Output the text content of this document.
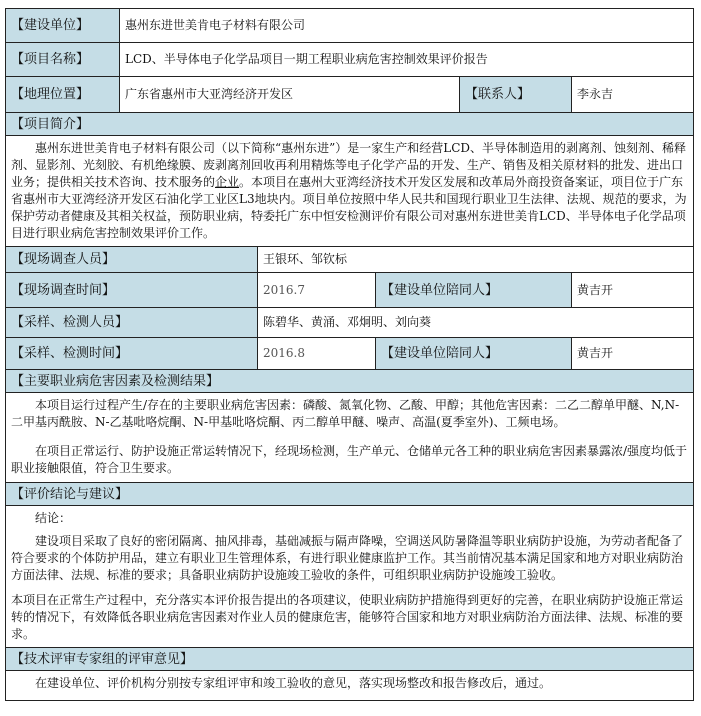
【建设单位】	惠州东进世美肯电子材料有限公司				
【项目名称】	LCD、半导体电子化学品项目一期工程职业病危害控制效果评价报告				
【地理位置】	广东省惠州市大亚湾经济开发区			【联系人】	李永吉
【项目简介】					

惠州东进世美肯电子材料有限公司（以下简称“惠州东进”）是一家生产和经营LCD、半导体制造用的剥离剂、蚀刻剂、稀释剂、显影剂、光刻胶、有机绝缘膜、废剥离剂回收再利用精炼等电子化学产品的开发、生产、销售及相关原材料的批发、进出口业务；提供相关技术咨询、技术服务的企业。本项目在惠州大亚湾经济技术开发区发展和改革局外商投资备案证，项目位于广东省惠州市大亚湾经济开发区石油化学工业区L3地块内。项目单位按照中华人民共和国现行职业卫生法律、法规、规范的要求，为保护劳动者健康及其相关权益，预防职业病，特委托广东中恒安检测评价有限公司对惠州东进世美肯LCD、半导体电子化学品项目进行职业病危害控制效果评价工作。					

【现场调查人员】		王银环、邹钦标			
【现场调查时间】		2016.7	【建设单位陪同人】		黄吉开
【采样、检测人员】		陈碧华、黄涌、邓炯明、刘向葵			
【采样、检测时间】		2016.8	【建设单位陪同人】		黄吉开
【主要职业病危害因素及检测结果】					

本项目运行过程产生/存在的主要职业病危害因素：磷酸、氮氧化物、乙酸、甲醇；其他危害因素：二乙二醇单甲醚、N,N-二甲基丙酰胺、N-乙基吡咯烷酮、N-甲基吡咯烷酮、丙二醇单甲醚、噪声、高温(夏季室外)、工频电场。

在项目正常运行、防护设施正常运转情况下，经现场检测，生产单元、仓储单元各工种的职业病危害因素暴露浓/强度均低于职业接触限值，符合卫生要求。					

【评价结论与建议】					

结论：

建设项目采取了良好的密闭隔离、抽风排毒，基础减振与隔声降噪，空调送风防暑降温等职业病防护设施，为劳动者配备了符合要求的个体防护用品，建立有职业卫生管理体系，有进行职业健康监护工作。其当前情况基本满足国家和地方对职业病防治方面法律、法规、标准的要求；具备职业病防护设施竣工验收的条件，可组织职业病防护设施竣工验收。

本项目在正常生产过程中，充分落实本评价报告提出的各项建议，使职业病防护措施得到更好的完善，在职业病防护设施正常运转的情况下，有效降低各职业病危害因素对作业人员的健康危害，能够符合国家和地方对职业病防治方面法律、法规、标准的要求。					

【技术评审专家组的评审意见】					

在建设单位、评价机构分别按专家组评审和竣工验收的意见，落实现场整改和报告修改后，通过。					
